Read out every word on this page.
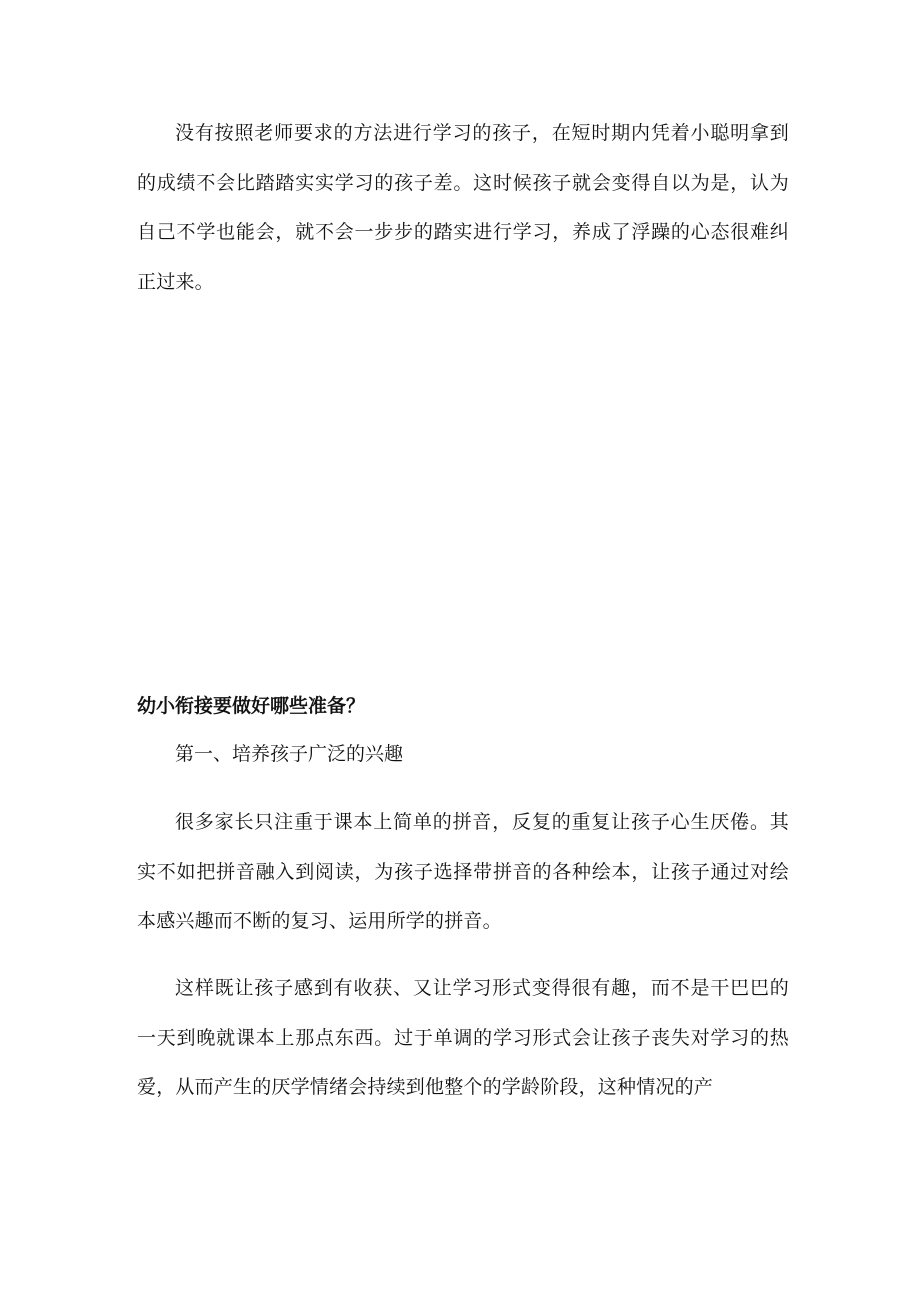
没有按照老师要求的方法进行学习的孩子，在短时期内凭着小聪明拿到的成绩不会比踏踏实实学习的孩子差。这时候孩子就会变得自以为是，认为自己不学也能会，就不会一步步的踏实进行学习，养成了浮躁的心态很难纠正过来。

幼小衔接要做好哪些准备？

第一、培养孩子广泛的兴趣

很多家长只注重于课本上简单的拼音，反复的重复让孩子心生厌倦。其实不如把拼音融入到阅读，为孩子选择带拼音的各种绘本，让孩子通过对绘本感兴趣而不断的复习、运用所学的拼音。

这样既让孩子感到有收获、又让学习形式变得很有趣，而不是干巴巴的一天到晚就课本上那点东西。过于单调的学习形式会让孩子丧失对学习的热爱，从而产生的厌学情绪会持续到他整个的学龄阶段，这种情况的产
